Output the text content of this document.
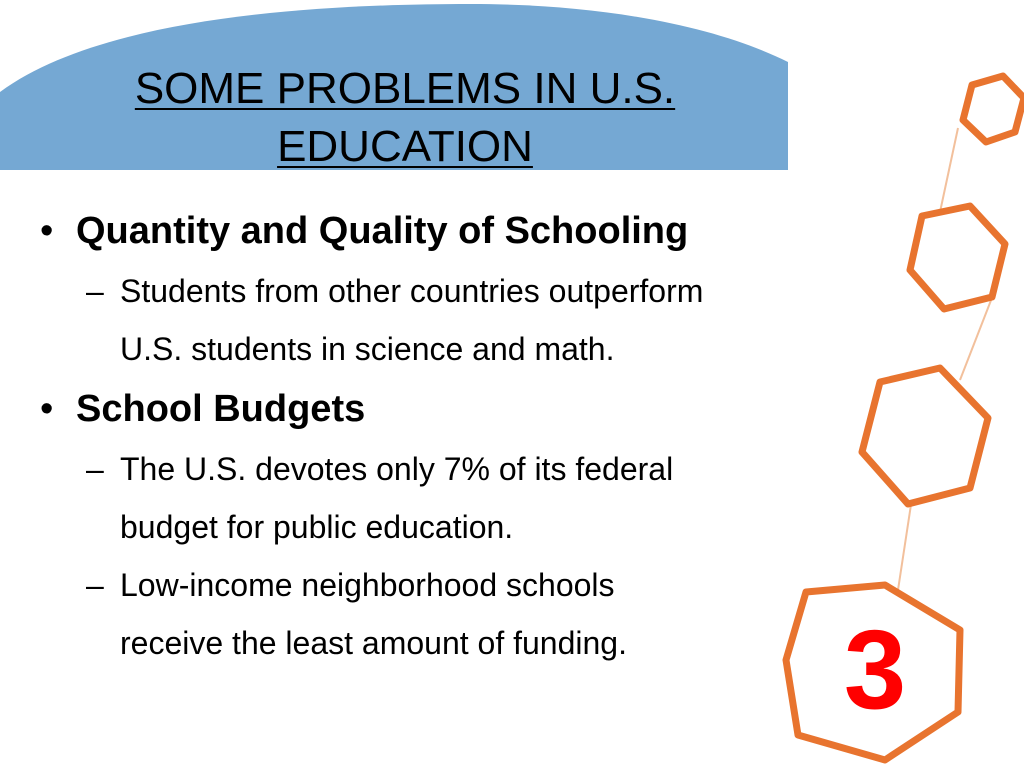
SOME PROBLEMS IN U.S.
EDUCATION
• Quantity and Quality of Schooling
– Students from other countries outperform
U.S. students in science and math.
• School Budgets
– The U.S. devotes only 7% of its federal
budget for public education.
– Low-income neighborhood schools
receive the least amount of funding.	3
